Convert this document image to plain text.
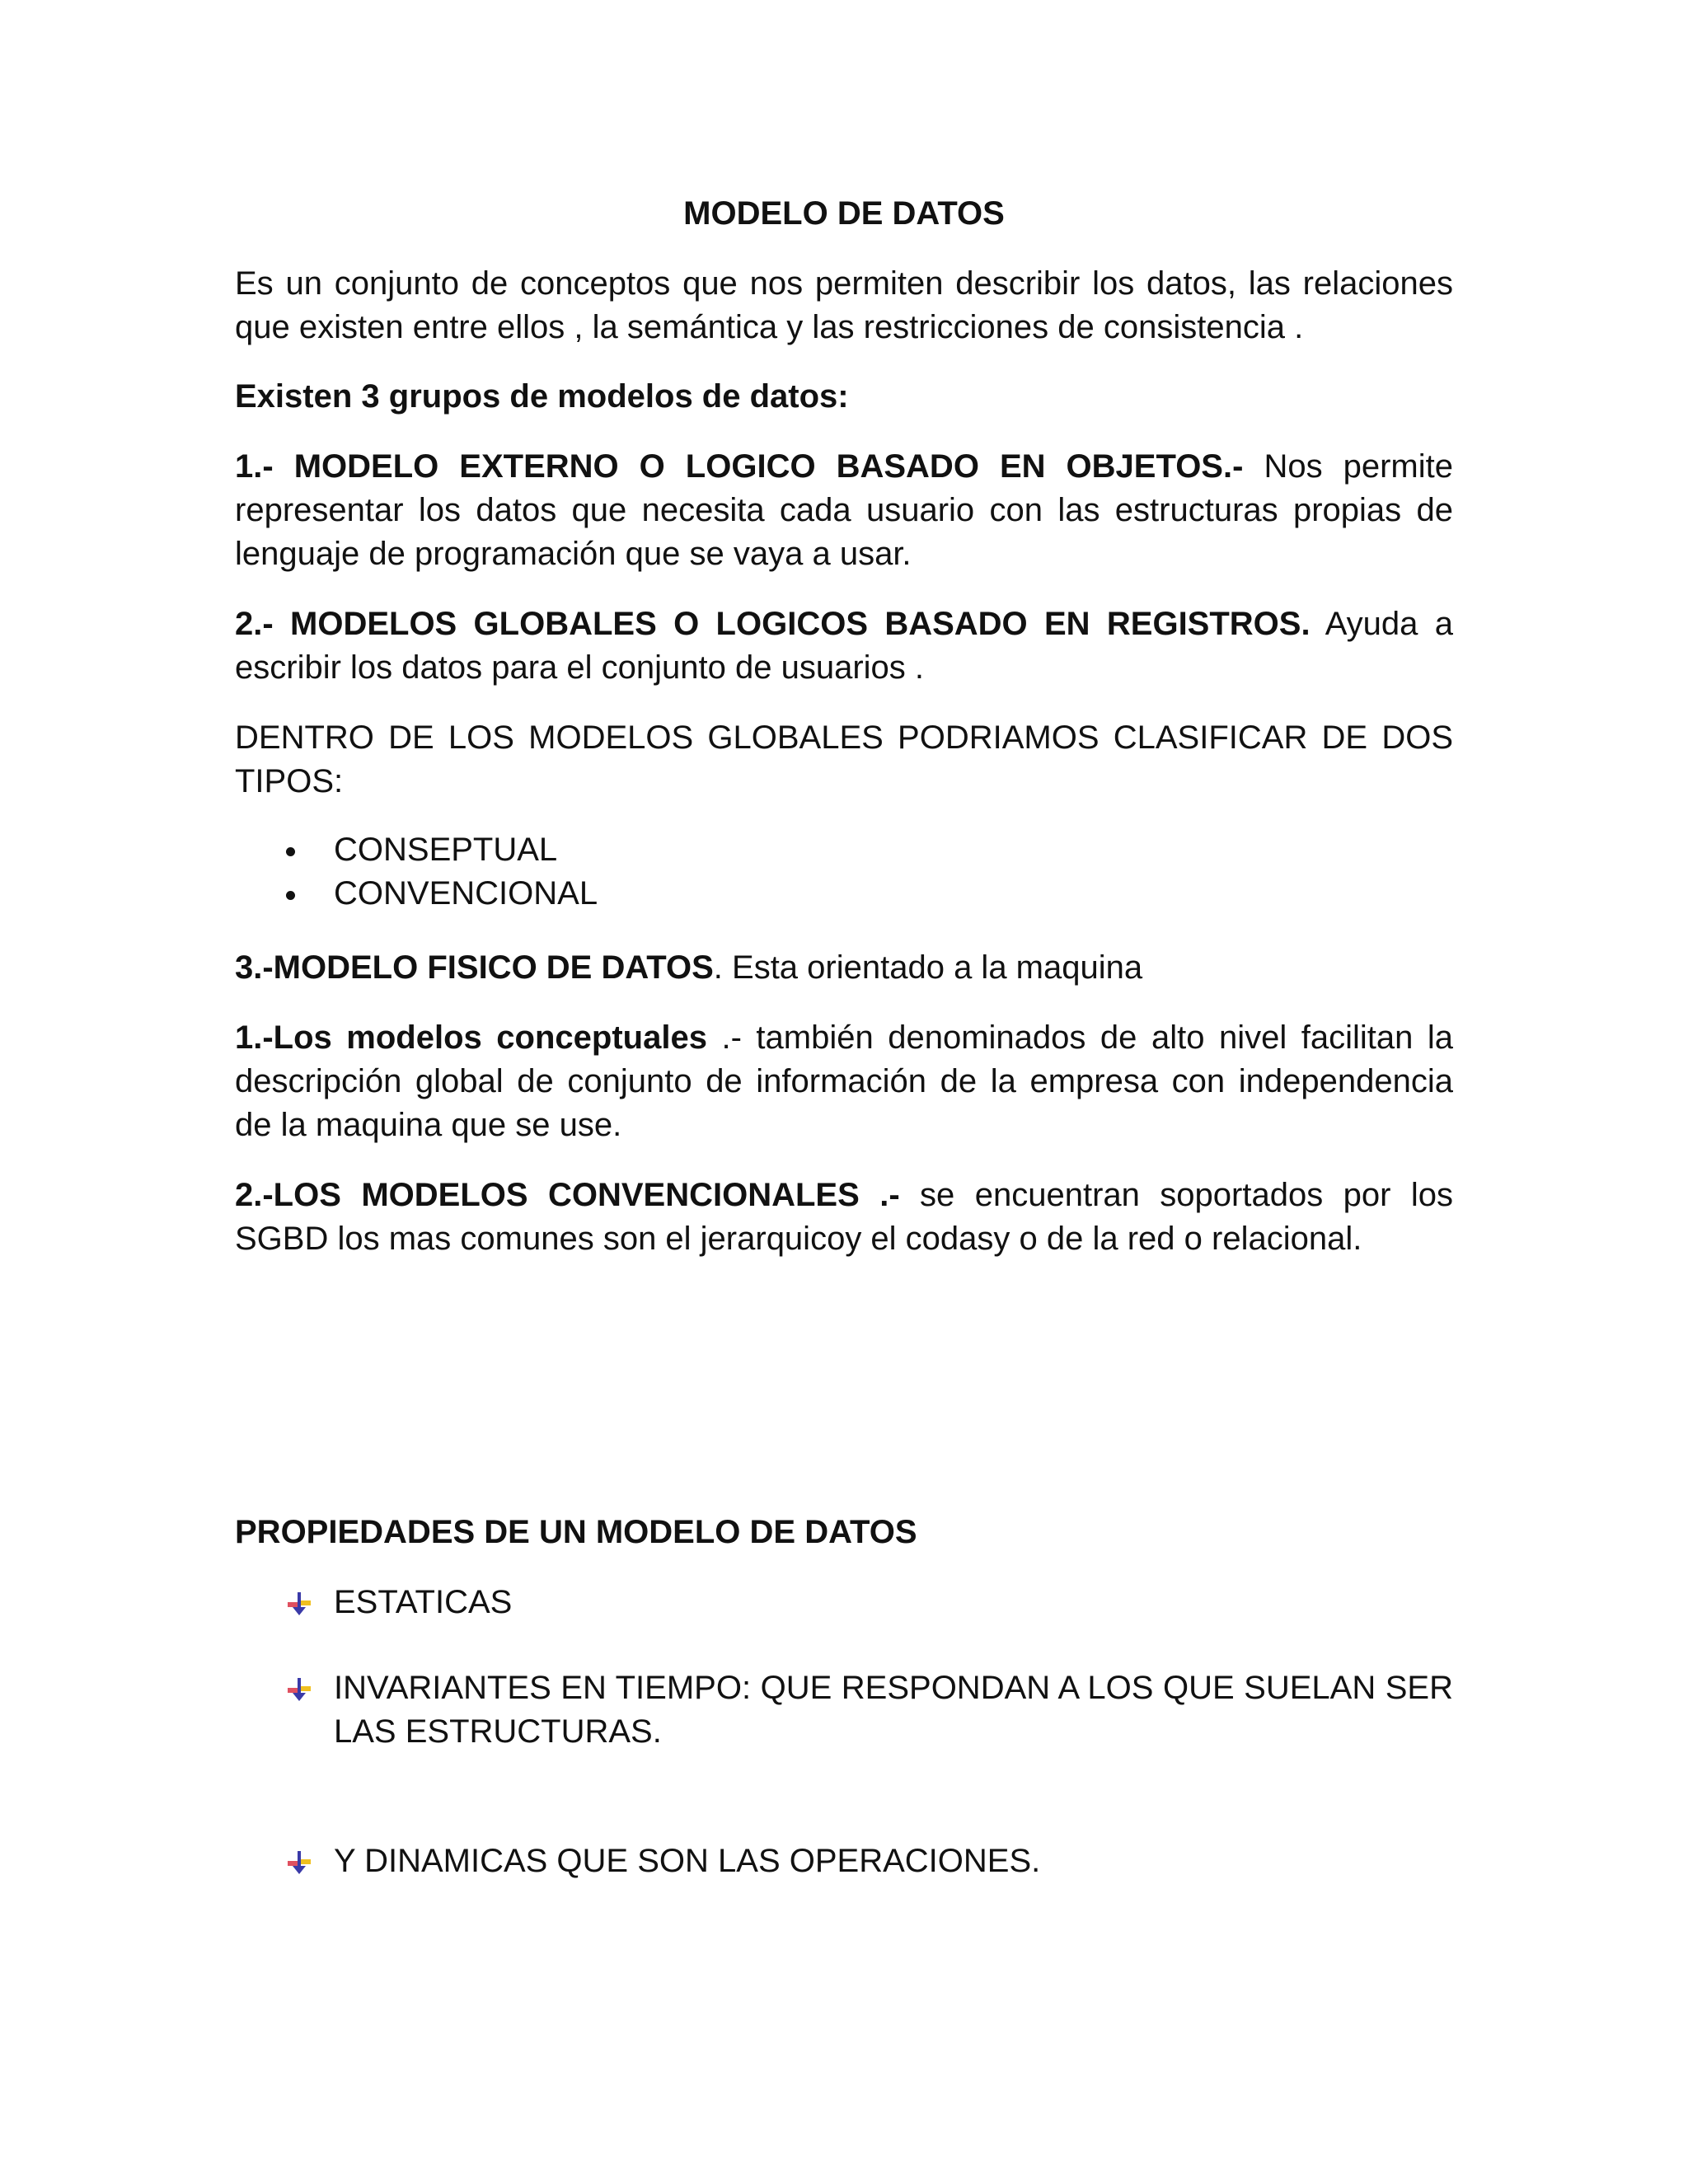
MODELO DE DATOS

Es un conjunto de conceptos que nos permiten describir los datos, las relaciones que existen entre ellos , la semántica y las restricciones de consistencia .

Existen 3 grupos de modelos de datos:

1.- MODELO EXTERNO O LOGICO BASADO EN OBJETOS.- Nos permite representar los datos que necesita cada usuario con las estructuras propias de lenguaje de programación que se vaya a usar.

2.- MODELOS GLOBALES O LOGICOS BASADO EN REGISTROS. Ayuda a escribir los datos para el conjunto de usuarios .

DENTRO DE LOS MODELOS GLOBALES PODRIAMOS CLASIFICAR DE DOS TIPOS:

CONSEPTUAL
CONVENCIONAL

3.-MODELO FISICO DE DATOS. Esta orientado a la maquina

1.-Los modelos conceptuales .- también denominados de alto nivel facilitan la descripción global de conjunto de información de la empresa con independencia de la maquina que se use.

2.-LOS MODELOS CONVENCIONALES .- se encuentran soportados por los SGBD los mas comunes son el jerarquicoy el codasy o de la red o relacional.

PROPIEDADES DE UN MODELO DE DATOS

ESTATICAS

INVARIANTES EN TIEMPO: QUE RESPONDAN A LOS QUE SUELAN SER LAS ESTRUCTURAS.

Y DINAMICAS QUE SON LAS OPERACIONES.
